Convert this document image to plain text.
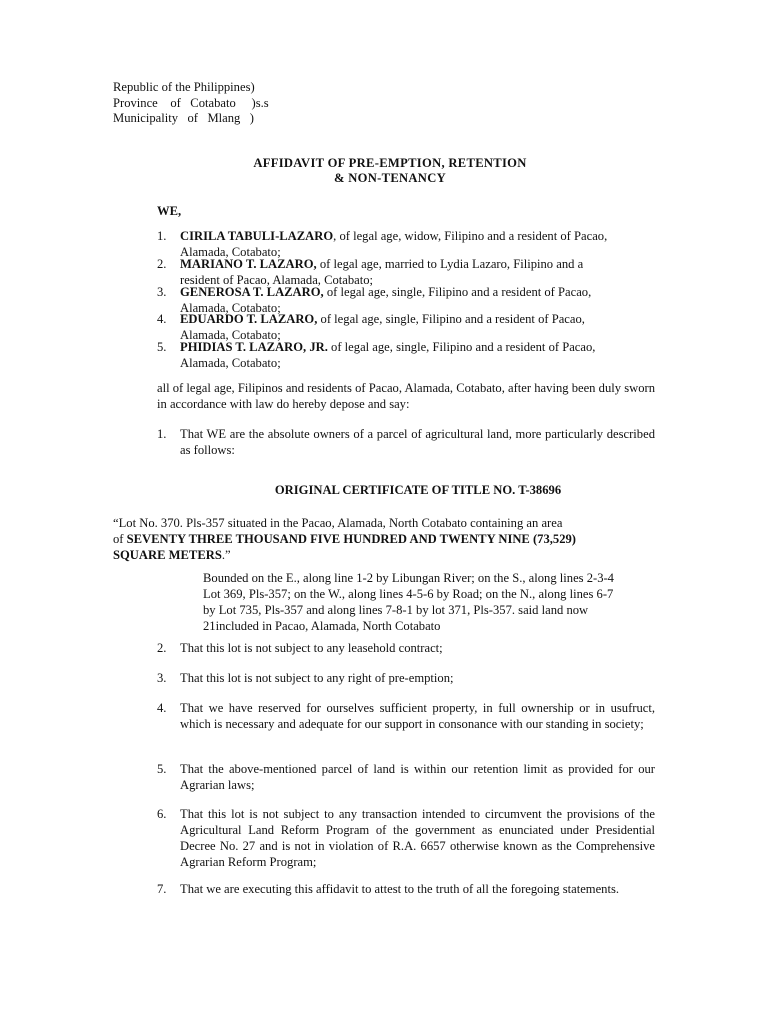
Republic of the Philippines)
Province    of   Cotabato     )s.s
Municipality   of   Mlang   )
AFFIDAVIT OF PRE-EMPTION, RETENTION
& NON-TENANCY
WE,
1. CIRILA TABULI-LAZARO, of legal age, widow, Filipino and a resident of Pacao,
Alamada, Cotabato;
2. MARIANO T. LAZARO, of legal age, married to Lydia Lazaro, Filipino and a
resident of Pacao, Alamada, Cotabato;
3. GENEROSA T. LAZARO, of legal age, single, Filipino and a resident of Pacao,
Alamada, Cotabato;
4. EDUARDO T. LAZARO, of legal age, single, Filipino and a resident of Pacao,
Alamada, Cotabato;
5. PHIDIAS T. LAZARO, JR. of legal age, single, Filipino and a resident of Pacao,
Alamada, Cotabato;
all of legal age, Filipinos and residents of Pacao, Alamada, Cotabato, after having been duly sworn in accordance with law do hereby depose and say:
1. That WE are the absolute owners of a parcel of agricultural land, more particularly described as follows:
ORIGINAL CERTIFICATE OF TITLE NO. T-38696
“Lot No. 370. Pls-357 situated in the Pacao, Alamada, North Cotabato containing an area
of SEVENTY THREE THOUSAND FIVE HUNDRED AND TWENTY NINE (73,529)
SQUARE METERS.”
Bounded on the E., along line 1-2 by Libungan River; on the S., along lines 2-3-4
Lot 369, Pls-357; on the W., along lines 4-5-6 by Road; on the N., along lines 6-7
by Lot 735, Pls-357 and along lines 7-8-1 by lot 371, Pls-357. said land now
21included in Pacao, Alamada, North Cotabato
2. That this lot is not subject to any leasehold contract;
3. That this lot is not subject to any right of pre-emption;
4. That we have reserved for ourselves sufficient property, in full ownership or in usufruct, which is necessary and adequate for our support in consonance with our standing in society;
5. That the above-mentioned parcel of land is within our retention limit as provided for our Agrarian laws;
6. That this lot is not subject to any transaction intended to circumvent the provisions of the Agricultural Land Reform Program of the government as enunciated under Presidential Decree No. 27 and is not in violation of R.A. 6657 otherwise known as the Comprehensive Agrarian Reform Program;
7. That we are executing this affidavit to attest to the truth of all the foregoing statements.
